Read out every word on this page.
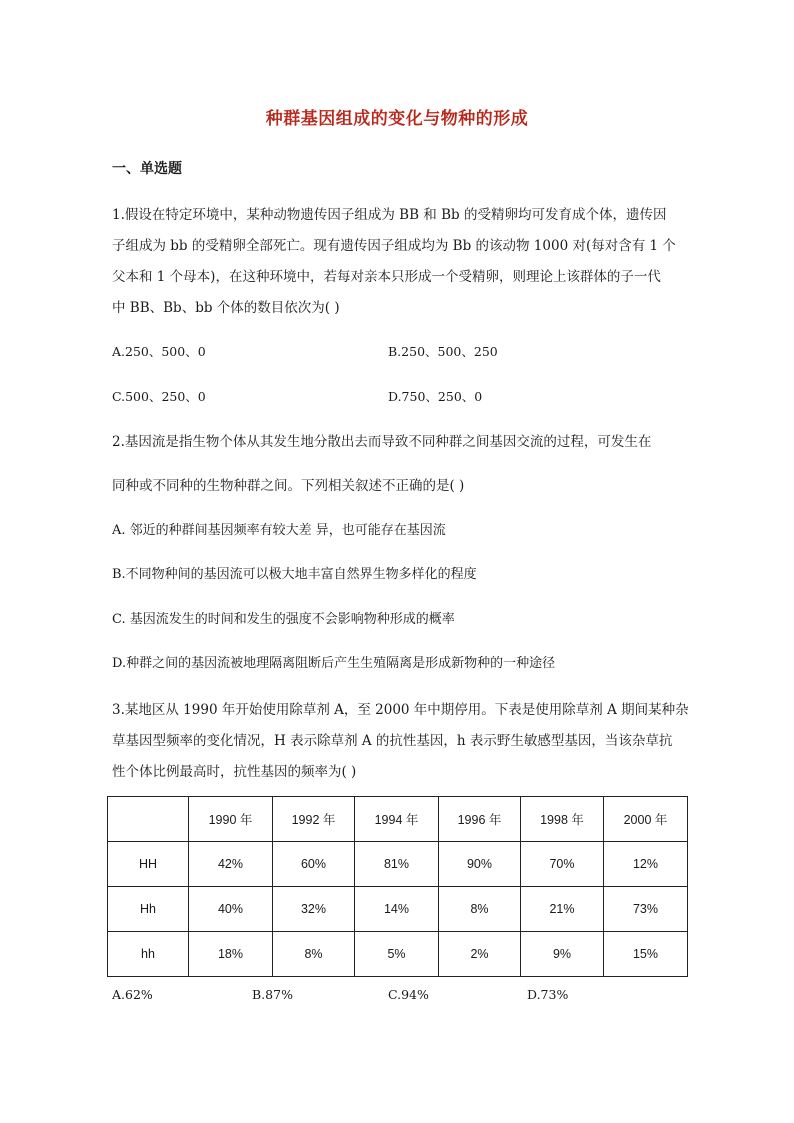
种群基因组成的变化与物种的形成
一、单选题
1.假设在特定环境中，某种动物遗传因子组成为 BB 和 Bb 的受精卵均可发育成个体，遗传因
子组成为 bb 的受精卵全部死亡。现有遗传因子组成均为 Bb 的该动物 1000 对(每对含有 1 个
父本和 1 个母本)，在这种环境中，若每对亲本只形成一个受精卵，则理论上该群体的子一代
中 BB、Bb、bb 个体的数目依次为( )
A.250、500、0	B.250、500、250
C.500、250、0	D.750、250、0
2.基因流是指生物个体从其发生地分散出去而导致不同种群之间基因交流的过程，可发生在
同种或不同种的生物种群之间。下列相关叙述不正确的是( )
A. 邻近的种群间基因频率有较大差 异，也可能存在基因流
B.不同物种间的基因流可以极大地丰富自然界生物多样化的程度
C. 基因流发生的时间和发生的强度不会影响物种形成的概率
D.种群之间的基因流被地理隔离阻断后产生生殖隔离是形成新物种的一种途径
3.某地区从 1990 年开始使用除草剂 A，至 2000 年中期停用。下表是使用除草剂 A 期间某种杂
草基因型频率的变化情况，H 表示除草剂 A 的抗性基因，h 表示野生敏感型基因，当该杂草抗
性个体比例最高时，抗性基因的频率为( )
	1990 年	1992 年	1994 年	1996 年	1998 年	2000 年
HH	42%	60%	81%	90%	70%	12%
Hh	40%	32%	14%	8%	21%	73%
hh	18%	8%	5%	2%	9%	15%
A.62%	B.87%	C.94%	D.73%
